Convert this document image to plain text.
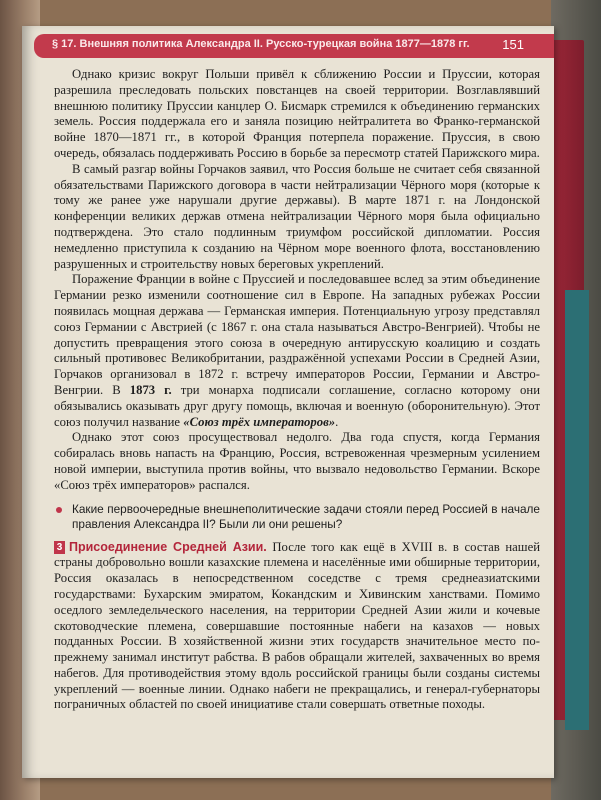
§ 17. Внешняя политика Александра II. Русско-турецкая война 1877—1878 гг.	151

Однако кризис вокруг Польши привёл к сближению России и Пруссии, которая разрешила преследовать польских повстанцев на своей территории. Возглавлявший внешнюю политику Пруссии канцлер О. Бисмарк стремился к объединению германских земель. Россия поддержала его и заняла позицию нейтралитета во Франко-германской войне 1870—1871 гг., в которой Франция потерпела поражение. Пруссия, в свою очередь, обязалась поддерживать Россию в борьбе за пересмотр статей Парижского мира.

В самый разгар войны Горчаков заявил, что Россия больше не считает себя связанной обязательствами Парижского договора в части нейтрализации Чёрного моря (которые к тому же ранее уже нарушали другие державы). В марте 1871 г. на Лондонской конференции великих держав отмена нейтрализации Чёрного моря была официально подтверждена. Это стало подлинным триумфом российской дипломатии. Россия немедленно приступила к созданию на Чёрном море военного флота, восстановлению разрушенных и строительству новых береговых укреплений.

Поражение Франции в войне с Пруссией и последовавшее вслед за этим объединение Германии резко изменили соотношение сил в Европе. На западных рубежах России появилась мощная держава — Германская империя. Потенциальную угрозу представлял союз Германии с Австрией (с 1867 г. она стала называться Австро-Венгрией). Чтобы не допустить превращения этого союза в очередную антирусскую коалицию и создать сильный противовес Великобритании, раздражённой успехами России в Средней Азии, Горчаков организовал в 1872 г. встречу императоров России, Германии и Австро-Венгрии. В 1873 г. три монарха подписали соглашение, согласно которому они обязывались оказывать друг другу помощь, включая и военную (оборонительную). Этот союз получил название «Союз трёх императоров».

Однако этот союз просуществовал недолго. Два года спустя, когда Германия собиралась вновь напасть на Францию, Россия, встревоженная чрезмерным усилением новой империи, выступила против войны, что вызвало недовольство Германии. Вскоре «Союз трёх императоров» распался.

Какие первоочередные внешнеполитические задачи стояли перед Россией в начале правления Александра II? Были ли они решены?

3 Присоединение Средней Азии. После того как ещё в XVIII в. в состав нашей страны добровольно вошли казахские племена и населённые ими обширные территории, Россия оказалась в непосредственном соседстве с тремя среднеазиатскими государствами: Бухарским эмиратом, Кокандским и Хивинским ханствами. Помимо оседлого земледельческого населения, на территории Средней Азии жили и кочевые скотоводческие племена, совершавшие постоянные набеги на казахов — новых подданных России. В хозяйственной жизни этих государств значительное место по-прежнему занимал институт рабства. В рабов обращали жителей, захваченных во время набегов. Для противодействия этому вдоль российской границы были созданы системы укреплений — военные линии. Однако набеги не прекращались, и генерал-губернаторы пограничных областей по своей инициативе стали совершать ответные походы.
